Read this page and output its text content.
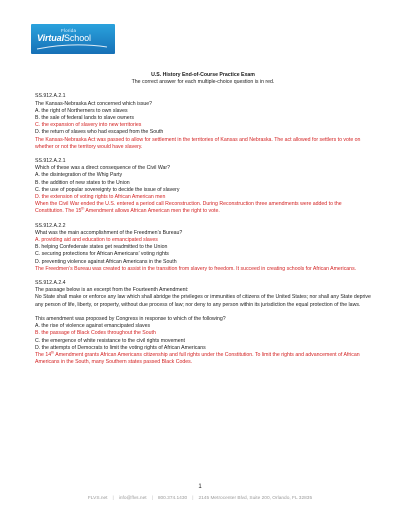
Florida
VirtualSchool
U.S. History End-of-Course Practice Exam
The correct answer for each multiple-choice question is in red.
SS.912.A.2.1
The Kansas-Nebraska Act concerned which issue?
A. the right of Northerners to own slaves
B. the sale of federal lands to slave owners
C. the expansion of slavery into new territories
D. the return of slaves who had escaped from the South
The Kansas-Nebraska Act was passed to allow for settlement in the territories of Kansas and Nebraska. The act allowed for settlers to vote on whether or not the territory would have slavery.
SS.912.A.2.1
Which of these was a direct consequence of the Civil War?
A. the disintegration of the Whig Party
B. the addition of new states to the Union
C. the use of popular sovereignty to decide the issue of slavery
D. the extension of voting rights to African American men
When the Civil War ended the U.S. entered a period call Reconstruction. During Reconstruction three amendments were added to the Constitution. The 15th Amendment allows African American men the right to vote.
SS.912.A.2.2
What was the main accomplishment of the Freedmen’s Bureau?
A. providing aid and education to emancipated slaves
B. helping Confederate states get readmitted to the Union
C. securing protections for African Americans’ voting rights
D. preventing violence against African Americans in the South
The Freedmen’s Bureau was created to assist in the transition from slavery to freedom. It succeed in creating schools for African Americans.
SS.912.A.2.4
The passage below is an excerpt from the Fourteenth Amendment:
No State shall make or enforce any law which shall abridge the privileges or immunities of citizens of the United States; nor shall any State deprive any person of life, liberty, or property, without due process of law; nor deny to any person within its jurisdiction the equal protection of the laws.
This amendment was proposed by Congress in response to which of the following?
A. the rise of violence against emancipated slaves
B. the passage of Black Codes throughout the South
C. the emergence of white resistance to the civil rights movement
D. the attempts of Democrats to limit the voting rights of African Americans
The 14th Amendment grants African Americans citizenship and full rights under the Constitution. To limit the rights and advancement of African Americans in the South, many Southern states passed Black Codes.
1
FLVS.net | info@flvs.net | 800.374.1430 | 2145 Metrocenter Blvd, Suite 200, Orlando, FL 32835
